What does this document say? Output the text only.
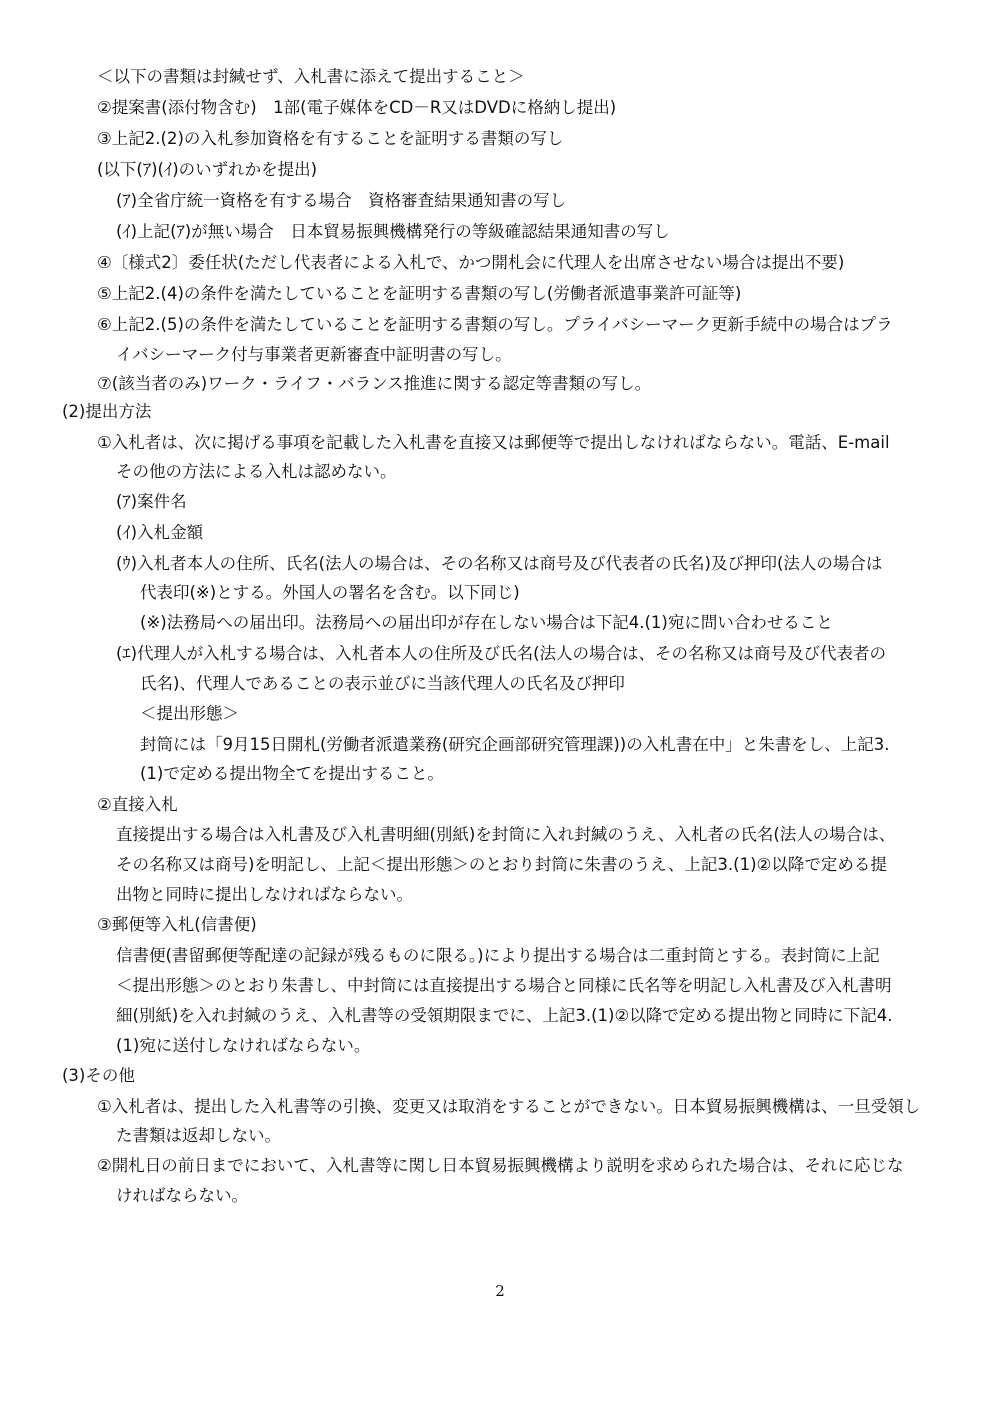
＜以下の書類は封緘せず、入札書に添えて提出すること＞
②提案書(添付物含む)　1部(電子媒体をCD－R又はDVDに格納し提出)
③上記2.(2)の入札参加資格を有することを証明する書類の写し
(以下(ｱ)(ｲ)のいずれかを提出)
(ｱ)全省庁統一資格を有する場合　資格審査結果通知書の写し
(ｲ)上記(ｱ)が無い場合　日本貿易振興機構発行の等級確認結果通知書の写し
④〔様式2〕委任状(ただし代表者による入札で、かつ開札会に代理人を出席させない場合は提出不要)
⑤上記2.(4)の条件を満たしていることを証明する書類の写し(労働者派遣事業許可証等)
⑥上記2.(5)の条件を満たしていることを証明する書類の写し。プライバシーマーク更新手続中の場合はプラ
イバシーマーク付与事業者更新審査中証明書の写し。
⑦(該当者のみ)ワーク・ライフ・バランス推進に関する認定等書類の写し。
(2)提出方法
①入札者は、次に掲げる事項を記載した入札書を直接又は郵便等で提出しなければならない。電話、E-mail
その他の方法による入札は認めない。
(ｱ)案件名
(ｲ)入札金額
(ｳ)入札者本人の住所、氏名(法人の場合は、その名称又は商号及び代表者の氏名)及び押印(法人の場合は
代表印(※)とする。外国人の署名を含む。以下同じ)
(※)法務局への届出印。法務局への届出印が存在しない場合は下記4.(1)宛に問い合わせること
(ｴ)代理人が入札する場合は、入札者本人の住所及び氏名(法人の場合は、その名称又は商号及び代表者の
氏名)、代理人であることの表示並びに当該代理人の氏名及び押印
＜提出形態＞
封筒には「9月15日開札(労働者派遣業務(研究企画部研究管理課))の入札書在中」と朱書をし、上記3.
(1)で定める提出物全てを提出すること。
②直接入札
直接提出する場合は入札書及び入札書明細(別紙)を封筒に入れ封緘のうえ、入札者の氏名(法人の場合は、
その名称又は商号)を明記し、上記＜提出形態＞のとおり封筒に朱書のうえ、上記3.(1)②以降で定める提
出物と同時に提出しなければならない。
③郵便等入札(信書便)
信書便(書留郵便等配達の記録が残るものに限る。)により提出する場合は二重封筒とする。表封筒に上記
＜提出形態＞のとおり朱書し、中封筒には直接提出する場合と同様に氏名等を明記し入札書及び入札書明
細(別紙)を入れ封緘のうえ、入札書等の受領期限までに、上記3.(1)②以降で定める提出物と同時に下記4.
(1)宛に送付しなければならない。
(3)その他
①入札者は、提出した入札書等の引換、変更又は取消をすることができない。日本貿易振興機構は、一旦受領し
た書類は返却しない。
②開札日の前日までにおいて、入札書等に関し日本貿易振興機構より説明を求められた場合は、それに応じな
ければならない。
2
